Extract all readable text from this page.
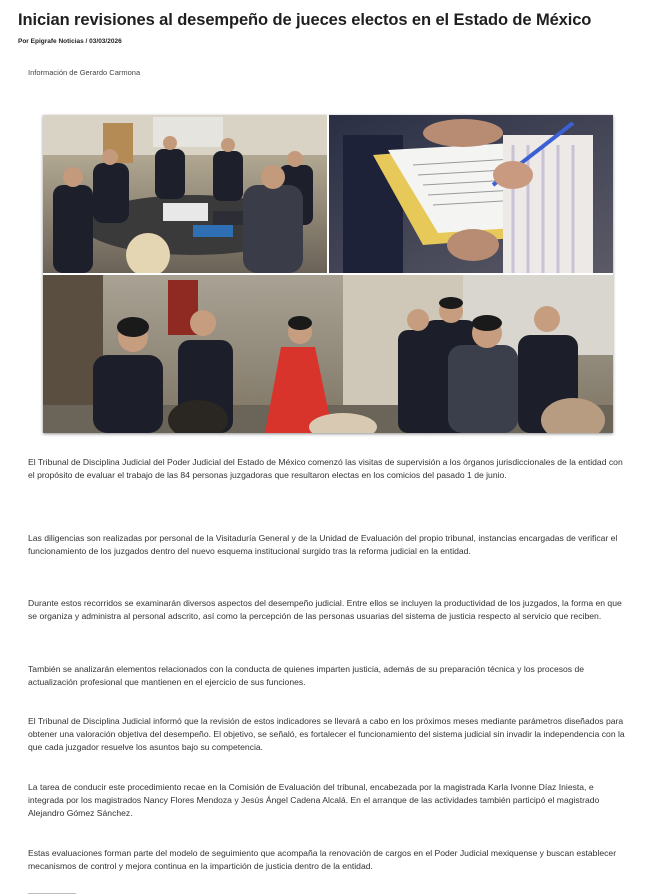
Inician revisiones al desempeño de jueces electos en el Estado de México
Por Epigrafe Noticias / 03/03/2026
Información de Gerardo Carmona

El Tribunal de Disciplina Judicial del Poder Judicial del Estado de México comenzó las visitas de supervisión a los órganos jurisdiccionales de la entidad con el propósito de evaluar el trabajo de las 84 personas juzgadoras que resultaron electas en los comicios del pasado 1 de junio.

Las diligencias son realizadas por personal de la Visitaduría General y de la Unidad de Evaluación del propio tribunal, instancias encargadas de verificar el funcionamiento de los juzgados dentro del nuevo esquema institucional surgido tras la reforma judicial en la entidad.

Durante estos recorridos se examinarán diversos aspectos del desempeño judicial. Entre ellos se incluyen la productividad de los juzgados, la forma en que se organiza y administra al personal adscrito, así como la percepción de las personas usuarias del sistema de justicia respecto al servicio que reciben.

También se analizarán elementos relacionados con la conducta de quienes imparten justicia, además de su preparación técnica y los procesos de actualización profesional que mantienen en el ejercicio de sus funciones.

El Tribunal de Disciplina Judicial informó que la revisión de estos indicadores se llevará a cabo en los próximos meses mediante parámetros diseñados para obtener una valoración objetiva del desempeño. El objetivo, se señaló, es fortalecer el funcionamiento del sistema judicial sin invadir la independencia con la que cada juzgador resuelve los asuntos bajo su competencia.

La tarea de conducir este procedimiento recae en la Comisión de Evaluación del tribunal, encabezada por la magistrada Karla Ivonne Díaz Iniesta, e integrada por los magistrados Nancy Flores Mendoza y Jesús Ángel Cadena Alcalá. En el arranque de las actividades también participó el magistrado Alejandro Gómez Sánchez.

Estas evaluaciones forman parte del modelo de seguimiento que acompaña la renovación de cargos en el Poder Judicial mexiquense y buscan establecer mecanismos de control y mejora continua en la impartición de justicia dentro de la entidad.
